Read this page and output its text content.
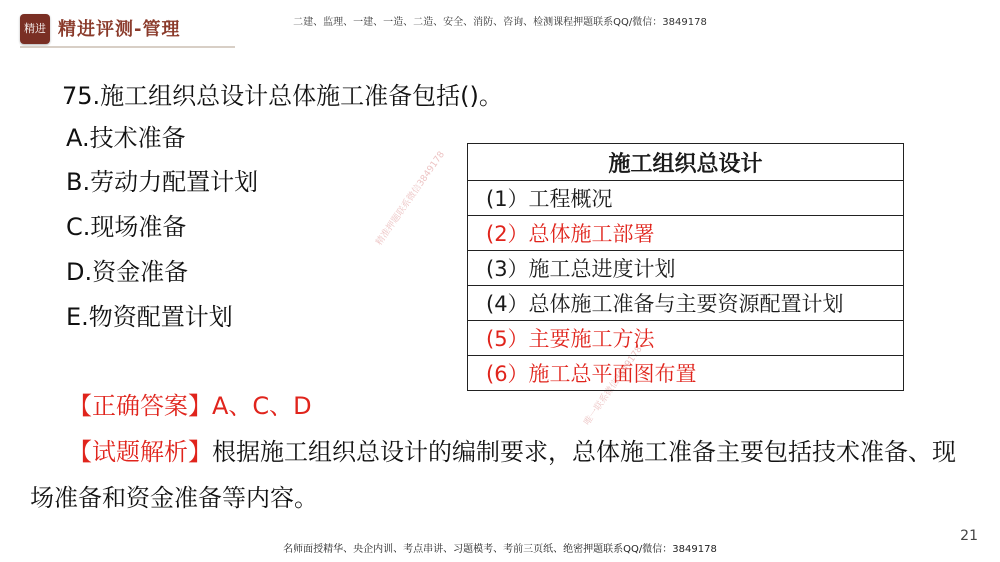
精进 精进评测-管理	二建、监理、一建、一造、二造、安全、消防、咨询、检测课程押题联系QQ/微信：3849178
75.施工组织总设计总体施工准备包括()。
A.技术准备
B.劳动力配置计划
C.现场准备
D.资金准备
E.物资配置计划
精准押题联系微信3849178
唯一联系微信3849178
施工组织总设计
(1）工程概况
(2）总体施工部署
(3）施工总进度计划
(4）总体施工准备与主要资源配置计划
(5）主要施工方法
(6）施工总平面图布置
【正确答案】A、C、D
【试题解析】根据施工组织总设计的编制要求，总体施工准备主要包括技术准备、现场准备和资金准备等内容。
名师面授精华、央企内训、考点串讲、习题模考、考前三页纸、绝密押题联系QQ/微信：3849178
21
